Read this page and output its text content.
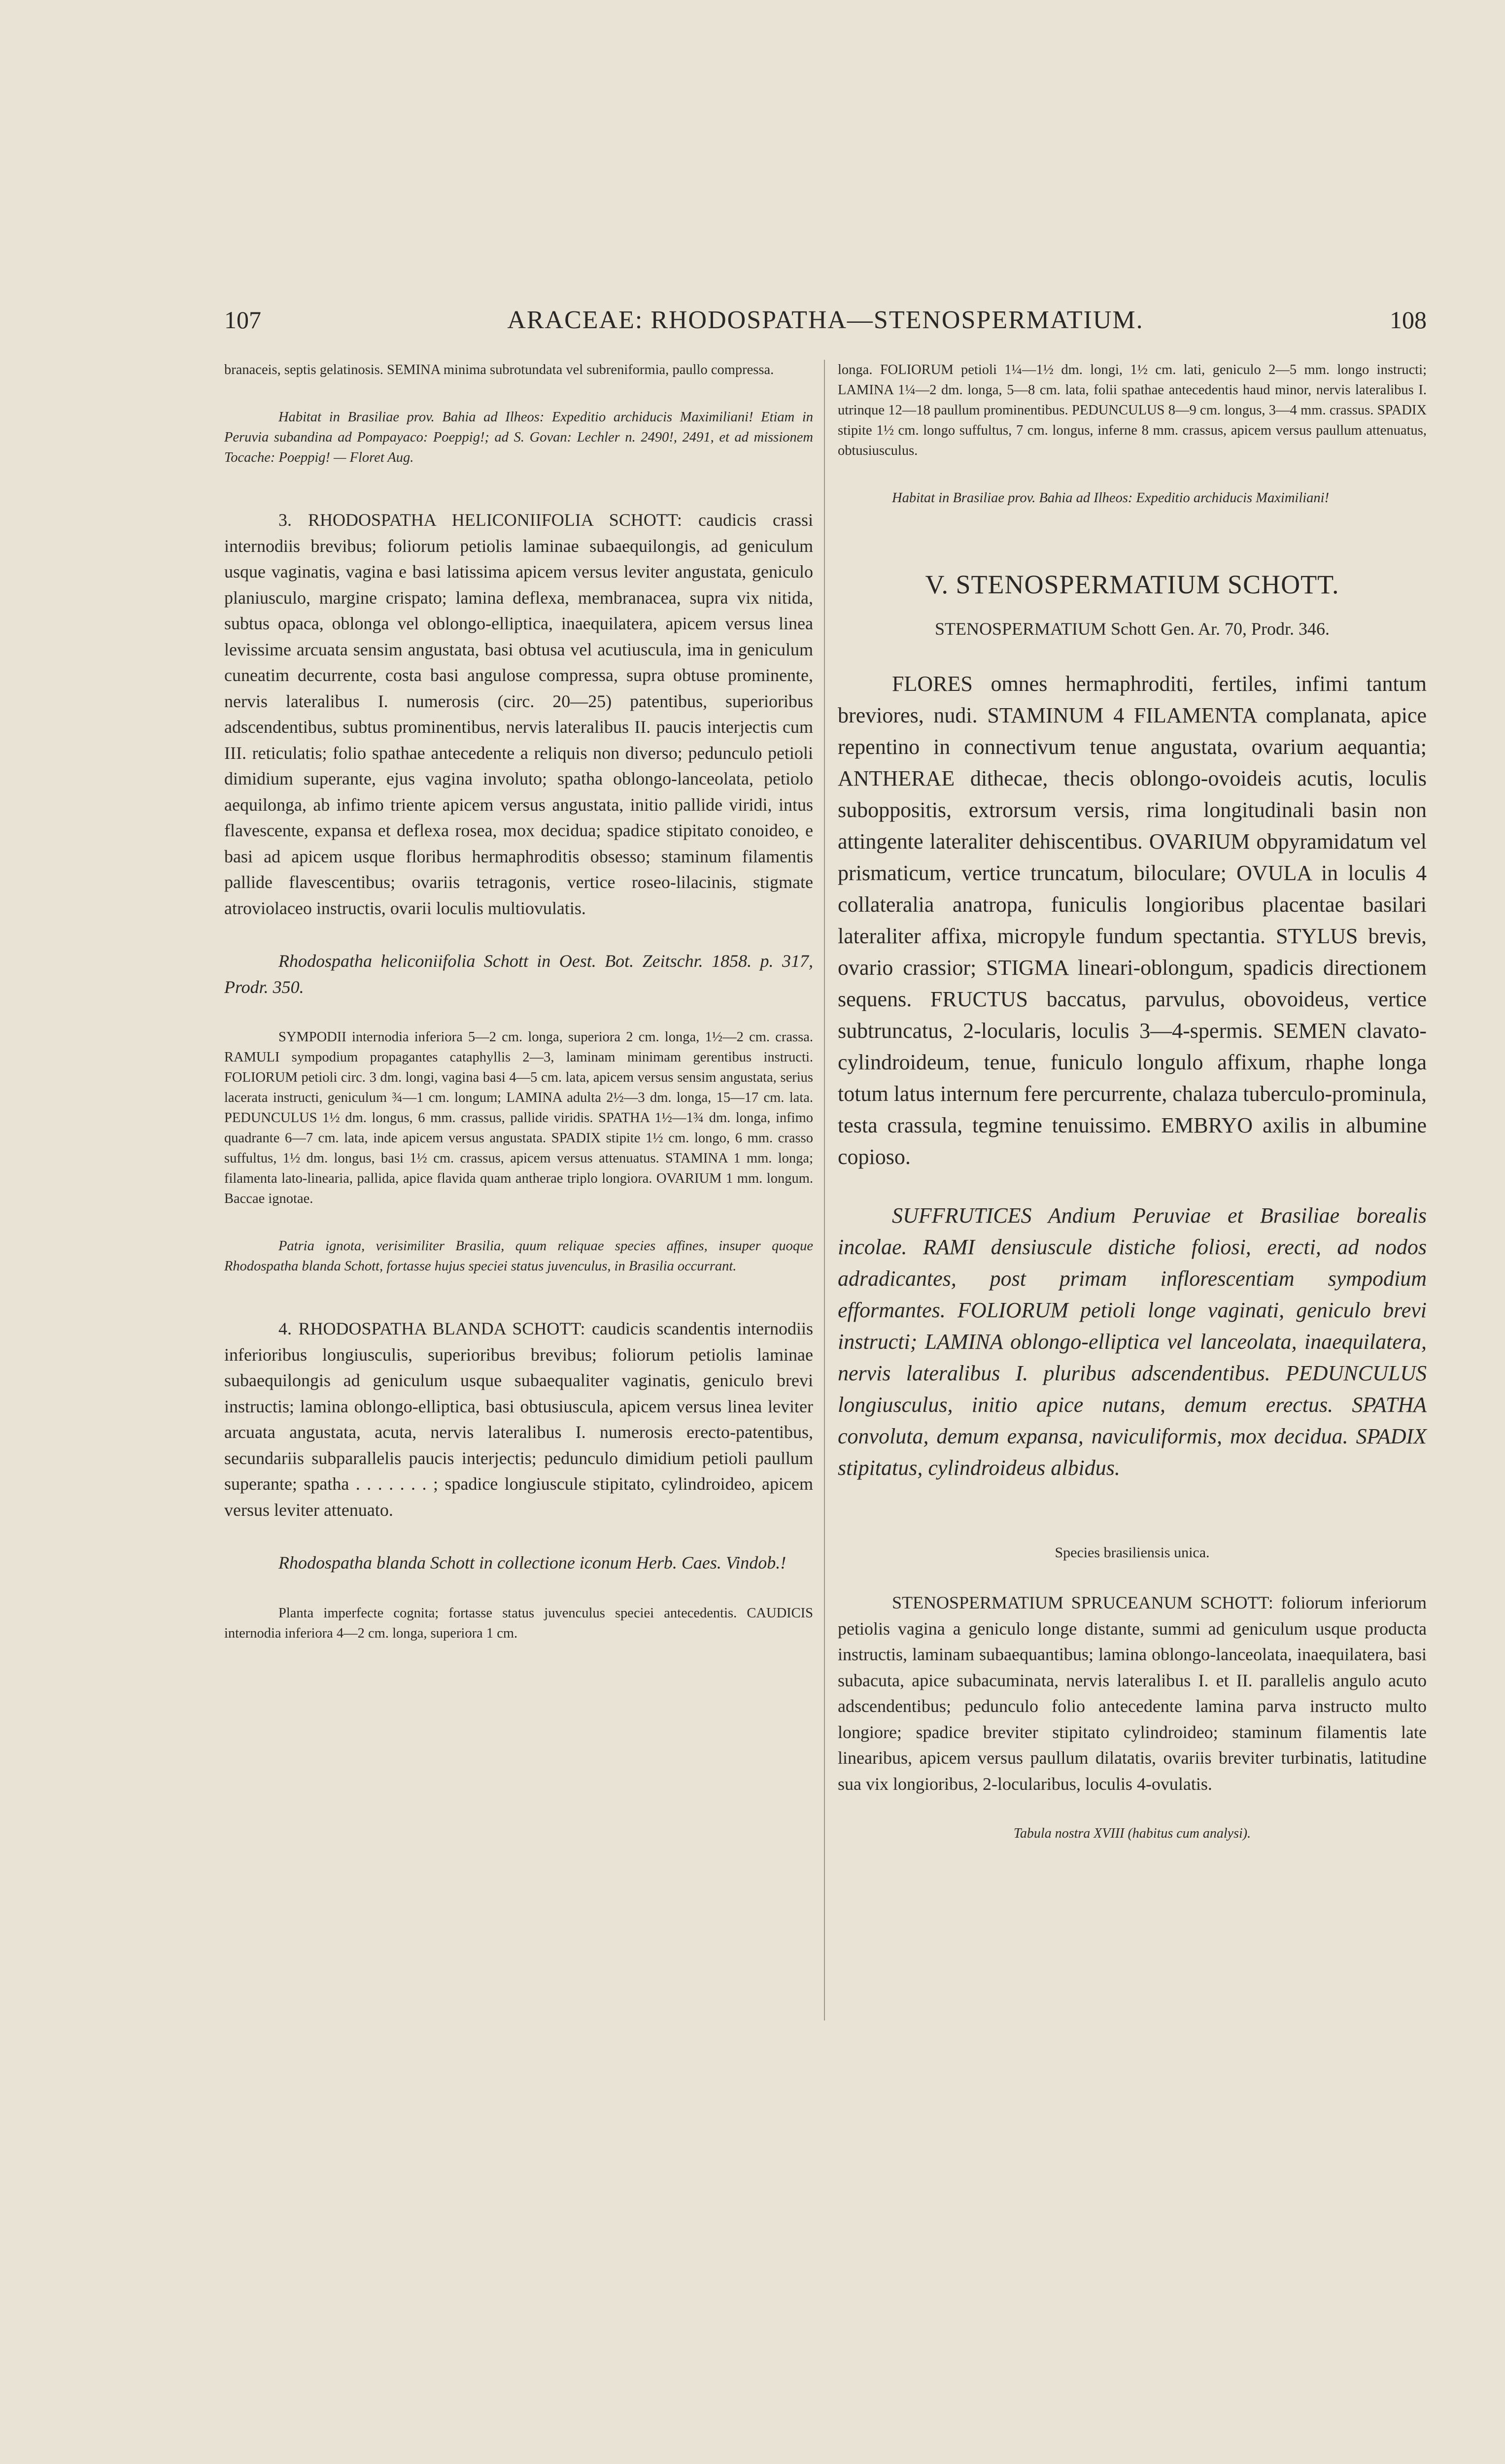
107	ARACEAE: RHODOSPATHA—STENOSPERMATIUM.	108

branaceis, septis gelatinosis. SEMINA minima subrotundata vel subreniformia, paullo compressa.

Habitat in Brasiliae prov. Bahia ad Ilheos: Expeditio archiducis Maximiliani! Etiam in Peruvia subandina ad Pompayaco: Poeppig!; ad S. Govan: Lechler n. 2490!, 2491, et ad missionem Tocache: Poeppig! — Floret Aug.

3. RHODOSPATHA HELICONIIFOLIA SCHOTT: caudicis crassi internodiis brevibus; foliorum petiolis laminae subaequilongis, ad geniculum usque vaginatis, vagina e basi latissima apicem versus leviter angustata, geniculo planiusculo, margine crispato; lamina deflexa, membranacea, supra vix nitida, subtus opaca, oblonga vel oblongo-elliptica, inaequilatera, apicem versus linea levissime arcuata sensim angustata, basi obtusa vel acutiuscula, ima in geniculum cuneatim decurrente, costa basi angulose compressa, supra obtuse prominente, nervis lateralibus I. numerosis (circ. 20—25) patentibus, superioribus adscendentibus, subtus prominentibus, nervis lateralibus II. paucis interjectis cum III. reticulatis; folio spathae antecedente a reliquis non diverso; pedunculo petioli dimidium superante, ejus vagina involuto; spatha oblongo-lanceolata, petiolo aequilonga, ab infimo triente apicem versus angustata, initio pallide viridi, intus flavescente, expansa et deflexa rosea, mox decidua; spadice stipitato conoideo, e basi ad apicem usque floribus hermaphroditis obsesso; staminum filamentis pallide flavescentibus; ovariis tetragonis, vertice roseo-lilacinis, stigmate atroviolaceo instructis, ovarii loculis multiovulatis.

Rhodospatha heliconiifolia Schott in Oest. Bot. Zeitschr. 1858. p. 317, Prodr. 350.

SYMPODII internodia inferiora 5—2 cm. longa, superiora 2 cm. longa, 1½—2 cm. crassa. RAMULI sympodium propagantes cataphyllis 2—3, laminam minimam gerentibus instructi. FOLIORUM petioli circ. 3 dm. longi, vagina basi 4—5 cm. lata, apicem versus sensim angustata, serius lacerata instructi, geniculum ¾—1 cm. longum; LAMINA adulta 2½—3 dm. longa, 15—17 cm. lata. PEDUNCULUS 1½ dm. longus, 6 mm. crassus, pallide viridis. SPATHA 1½—1¾ dm. longa, infimo quadrante 6—7 cm. lata, inde apicem versus angustata. SPADIX stipite 1½ cm. longo, 6 mm. crasso suffultus, 1½ dm. longus, basi 1½ cm. crassus, apicem versus attenuatus. STAMINA 1 mm. longa; filamenta lato-linearia, pallida, apice flavida quam antherae triplo longiora. OVARIUM 1 mm. longum. Baccae ignotae.

Patria ignota, verisimiliter Brasilia, quum reliquae species affines, insuper quoque Rhodospatha blanda Schott, fortasse hujus speciei status juvenculus, in Brasilia occurrant.

4. RHODOSPATHA BLANDA SCHOTT: caudicis scandentis internodiis inferioribus longiusculis, superioribus brevibus; foliorum petiolis laminae subaequilongis ad geniculum usque subaequaliter vaginatis, geniculo brevi instructis; lamina oblongo-elliptica, basi obtusiuscula, apicem versus linea leviter arcuata angustata, acuta, nervis lateralibus I. numerosis erecto-patentibus, secundariis subparallelis paucis interjectis; pedunculo dimidium petioli paullum superante; spatha . . . . . . . ; spadice longiuscule stipitato, cylindroideo, apicem versus leviter attenuato.

Rhodospatha blanda Schott in collectione iconum Herb. Caes. Vindob.!

Planta imperfecte cognita; fortasse status juvenculus speciei antecedentis. CAUDICIS internodia inferiora 4—2 cm. longa, superiora 1 cm.

longa. FOLIORUM petioli 1¼—1½ dm. longi, 1½ cm. lati, geniculo 2—5 mm. longo instructi; LAMINA 1¼—2 dm. longa, 5—8 cm. lata, folii spathae antecedentis haud minor, nervis lateralibus I. utrinque 12—18 paullum prominentibus. PEDUNCULUS 8—9 cm. longus, 3—4 mm. crassus. SPADIX stipite 1½ cm. longo suffultus, 7 cm. longus, inferne 8 mm. crassus, apicem versus paullum attenuatus, obtusiusculus.

Habitat in Brasiliae prov. Bahia ad Ilheos: Expeditio archiducis Maximiliani!

V. STENOSPERMATIUM SCHOTT.
STENOSPERMATIUM Schott Gen. Ar. 70, Prodr. 346.

FLORES omnes hermaphroditi, fertiles, infimi tantum breviores, nudi. STAMINUM 4 FILAMENTA complanata, apice repentino in connectivum tenue angustata, ovarium aequantia; ANTHERAE dithecae, thecis oblongo-ovoideis acutis, loculis suboppositis, extrorsum versis, rima longitudinali basin non attingente lateraliter dehiscentibus. OVARIUM obpyramidatum vel prismaticum, vertice truncatum, biloculare; OVULA in loculis 4 collateralia anatropa, funiculis longioribus placentae basilari lateraliter affixa, micropyle fundum spectantia. STYLUS brevis, ovario crassior; STIGMA lineari-oblongum, spadicis directionem sequens. FRUCTUS baccatus, parvulus, obovoideus, vertice subtruncatus, 2-locularis, loculis 3—4-spermis. SEMEN clavato-cylindroideum, tenue, funiculo longulo affixum, rhaphe longa totum latus internum fere percurrente, chalaza tuberculo-prominula, testa crassula, tegmine tenuissimo. EMBRYO axilis in albumine copioso.

SUFFRUTICES Andium Peruviae et Brasiliae borealis incolae. RAMI densiuscule distiche foliosi, erecti, ad nodos adradicantes, post primam inflorescentiam sympodium efformantes. FOLIORUM petioli longe vaginati, geniculo brevi instructi; LAMINA oblongo-elliptica vel lanceolata, inaequilatera, nervis lateralibus I. pluribus adscendentibus. PEDUNCULUS longiusculus, initio apice nutans, demum erectus. SPATHA convoluta, demum expansa, naviculiformis, mox decidua. SPADIX stipitatus, cylindroideus albidus.

Species brasiliensis unica.

STENOSPERMATIUM SPRUCEANUM SCHOTT: foliorum inferiorum petiolis vagina a geniculo longe distante, summi ad geniculum usque producta instructis, laminam subaequantibus; lamina oblongo-lanceolata, inaequilatera, basi subacuta, apice subacuminata, nervis lateralibus I. et II. parallelis angulo acuto adscendentibus; pedunculo folio antecedente lamina parva instructo multo longiore; spadice breviter stipitato cylindroideo; staminum filamentis late linearibus, apicem versus paullum dilatatis, ovariis breviter turbinatis, latitudine sua vix longioribus, 2-locularibus, loculis 4-ovulatis.

Tabula nostra XVIII (habitus cum analysi).
